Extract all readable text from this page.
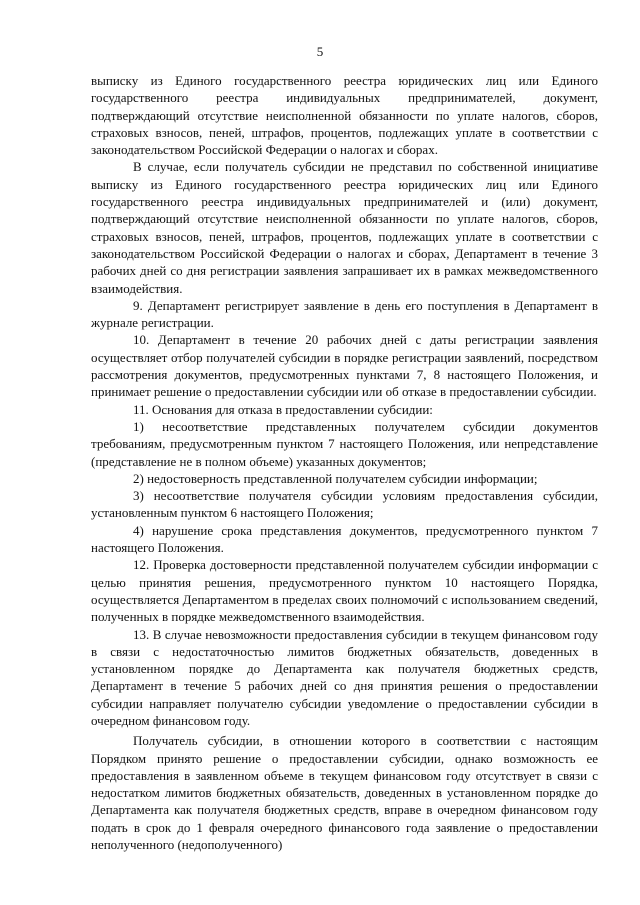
5

выписку из Единого государственного реестра юридических лиц или Единого государственного реестра индивидуальных предпринимателей, документ, подтверждающий отсутствие неисполненной обязанности по уплате налогов, сборов, страховых взносов, пеней, штрафов, процентов, подлежащих уплате в соответствии с законодательством Российской Федерации о налогах и сборах.

В случае, если получатель субсидии не представил по собственной инициативе выписку из Единого государственного реестра юридических лиц или Единого государственного реестра индивидуальных предпринимателей и (или) документ, подтверждающий отсутствие неисполненной обязанности по уплате налогов, сборов, страховых взносов, пеней, штрафов, процентов, подлежащих уплате в соответствии с законодательством Российской Федерации о налогах и сборах, Департамент в течение 3 рабочих дней со дня регистрации заявления запрашивает их в рамках межведомственного взаимодействия.

9. Департамент регистрирует заявление в день его поступления в Департамент в журнале регистрации.

10. Департамент в течение 20 рабочих дней с даты регистрации заявления осуществляет отбор получателей субсидии в порядке регистрации заявлений, посредством рассмотрения документов, предусмотренных пунктами 7, 8 настоящего Положения, и принимает решение о предоставлении субсидии или об отказе в предоставлении субсидии.

11. Основания для отказа в предоставлении субсидии:

1) несоответствие представленных получателем субсидии документов требованиям, предусмотренным пунктом 7 настоящего Положения, или непредставление (представление не в полном объеме) указанных документов;

2) недостоверность представленной получателем субсидии информации;

3) несоответствие получателя субсидии условиям предоставления субсидии, установленным пунктом 6 настоящего Положения;

4) нарушение срока представления документов, предусмотренного пунктом 7 настоящего Положения.

12. Проверка достоверности представленной получателем субсидии информации с целью принятия решения, предусмотренного пунктом 10 настоящего Порядка, осуществляется Департаментом в пределах своих полномочий с использованием сведений, полученных в порядке межведомственного взаимодействия.

13. В случае невозможности предоставления субсидии в текущем финансовом году в связи с недостаточностью лимитов бюджетных обязательств, доведенных в установленном порядке до Департамента как получателя бюджетных средств, Департамент в течение 5 рабочих дней со дня принятия решения о предоставлении субсидии направляет получателю субсидии уведомление о предоставлении субсидии в очередном финансовом году.

Получатель субсидии, в отношении которого в соответствии с настоящим Порядком принято решение о предоставлении субсидии, однако возможность ее предоставления в заявленном объеме в текущем финансовом году отсутствует в связи с недостатком лимитов бюджетных обязательств, доведенных в установленном порядке до Департамента как получателя бюджетных средств, вправе в очередном финансовом году подать в срок до 1 февраля очередного финансового года заявление о предоставлении неполученного (недополученного)
